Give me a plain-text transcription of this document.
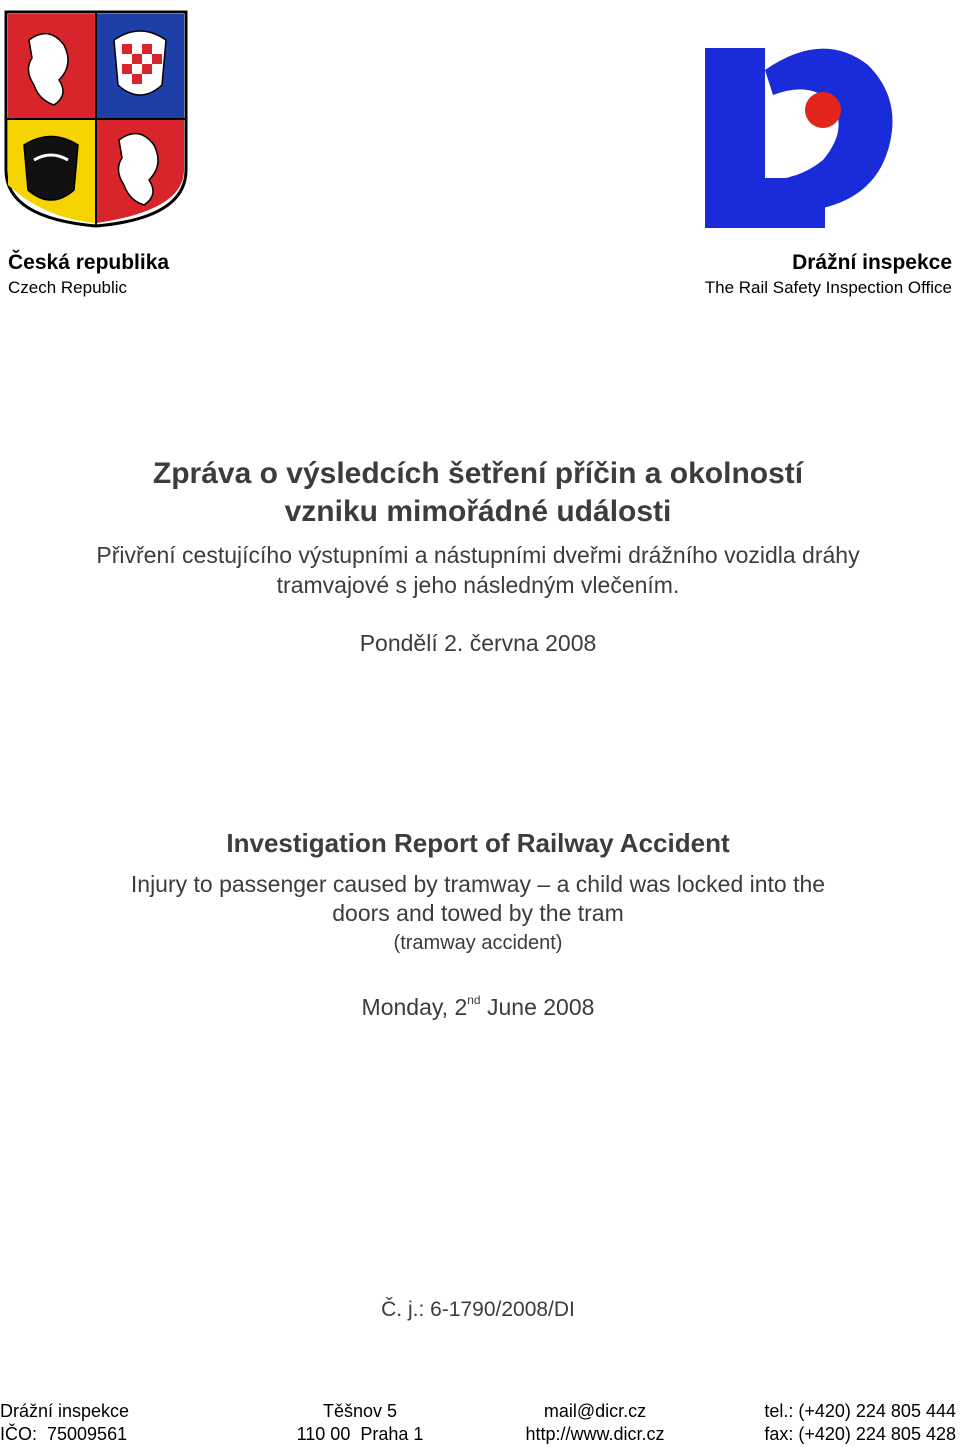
Česká republika
Czech Republic
Drážní inspekce
The Rail Safety Inspection Office
Zpráva o výsledcích šetření příčin a okolností
vzniku mimořádné události
Přivření cestujícího výstupními a nástupními dveřmi drážního vozidla dráhy
tramvajové s jeho následným vlečením.
Pondělí 2. června 2008
Investigation Report of Railway Accident
Injury to passenger caused by tramway – a child was locked into the
doors and towed by the tram
(tramway accident)
Monday, 2nd June 2008
Č. j.: 6-1790/2008/DI
Drážní inspekce
IČO:  75009561
Těšnov 5
110 00  Praha 1
mail@dicr.cz
http://www.dicr.cz
tel.: (+420) 224 805 444
fax: (+420) 224 805 428
